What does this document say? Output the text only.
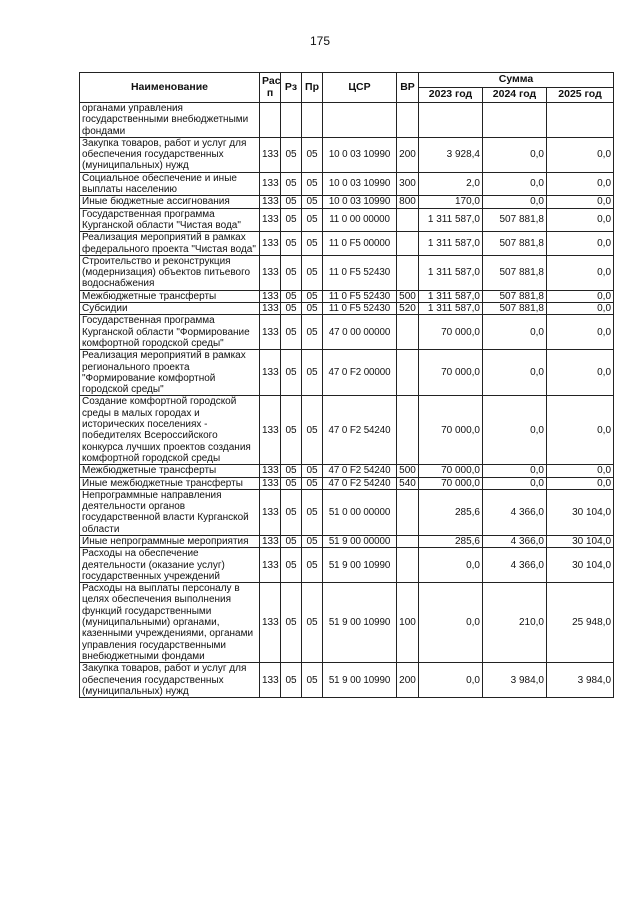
175
Наименование	Рас п	Рз	Пр	ЦСР	ВР	Сумма		
						2023 год	2024 год	2025 год
органами управления государственными внебюджетными фондами								
Закупка товаров, работ и услуг для обеспечения государственных (муниципальных) нужд	133	05	05	10 0 03 10990	200	3 928,4	0,0	0,0
Социальное обеспечение и иные выплаты населению	133	05	05	10 0 03 10990	300	2,0	0,0	0,0
Иные бюджетные ассигнования	133	05	05	10 0 03 10990	800	170,0	0,0	0,0
Государственная программа Курганской области "Чистая вода"	133	05	05	11 0 00 00000		1 311 587,0	507 881,8	0,0
Реализация мероприятий в рамках федерального проекта "Чистая вода"	133	05	05	11 0 F5 00000		1 311 587,0	507 881,8	0,0
Строительство и реконструкция (модернизация) объектов питьевого водоснабжения	133	05	05	11 0 F5 52430		1 311 587,0	507 881,8	0,0
Межбюджетные трансферты	133	05	05	11 0 F5 52430	500	1 311 587,0	507 881,8	0,0
Субсидии	133	05	05	11 0 F5 52430	520	1 311 587,0	507 881,8	0,0
Государственная программа Курганской области "Формирование комфортной городской среды"	133	05	05	47 0 00 00000		70 000,0	0,0	0,0
Реализация мероприятий в рамках регионального проекта "Формирование комфортной городской среды"	133	05	05	47 0 F2 00000		70 000,0	0,0	0,0
Создание комфортной городской среды в малых городах и исторических поселениях - победителях Всероссийского конкурса лучших проектов создания комфортной городской среды	133	05	05	47 0 F2 54240		70 000,0	0,0	0,0
Межбюджетные трансферты	133	05	05	47 0 F2 54240	500	70 000,0	0,0	0,0
Иные межбюджетные трансферты	133	05	05	47 0 F2 54240	540	70 000,0	0,0	0,0
Непрограммные направления деятельности органов государственной власти Курганской области	133	05	05	51 0 00 00000		285,6	4 366,0	30 104,0
Иные непрограммные мероприятия	133	05	05	51 9 00 00000		285,6	4 366,0	30 104,0
Расходы на обеспечение деятельности (оказание услуг) государственных учреждений	133	05	05	51 9 00 10990		0,0	4 366,0	30 104,0
Расходы на выплаты персоналу в целях обеспечения выполнения функций государственными (муниципальными) органами, казенными учреждениями, органами управления государственными внебюджетными фондами	133	05	05	51 9 00 10990	100	0,0	210,0	25 948,0
Закупка товаров, работ и услуг для обеспечения государственных (муниципальных) нужд	133	05	05	51 9 00 10990	200	0,0	3 984,0	3 984,0
